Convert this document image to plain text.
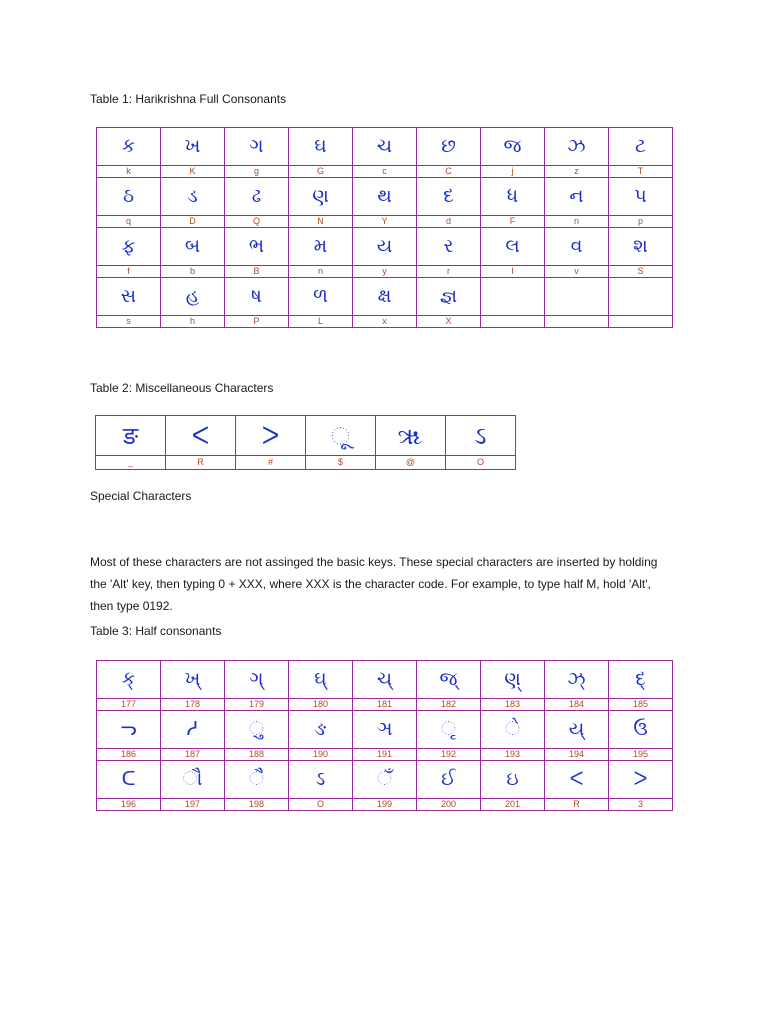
Table 1: Harikrishna Full Consonants
ક	ખ	ગ	ઘ	ચ	છ	જ	ઝ	ટ
k	K	g	G	c	C	j	z	T
ઠ	ડ	ઢ	ણ	થ	દ	ધ	ન	પ
q	D	Q	N	Y	d	F	n	p
ફ	બ	ભ	મ	ય	ર	લ	વ	શ
f	b	B	n	y	r	l	v	S
સ	હ	ષ	ળ	ક્ષ	જ્ઞ			
s	h	P	L	x	X			
Table 2: Miscellaneous Characters
ङ	ᐸ	ᐳ	ૂ	ૠ	ઽ
_	R	#	$	@	O
Special Characters

Most of these characters are not assinged the basic keys. These special characters are inserted by holding the 'Alt' key, then typing 0 + XXX, where XXX is the character code. For example, to type half M, hold 'Alt', then type 0192.

Table 3: Half consonants
ક્	ખ્	ગ્	ઘ્	ચ્	જ્	ણ્	ઝ્	દ્
177	178	179	180	181	182	183	184	185
ᓓ	ᓱ	ુ	ઙ	ઞ	ૃ	ે	ય્	ઉ
186	187	188	190	191	192	193	194	195
ᑕ	ૌ	ૈ	ઽ	ઁ	ઈ	ઇ	ᐸ	ᐳ
196	197	198	O	199	200	201	R	3
